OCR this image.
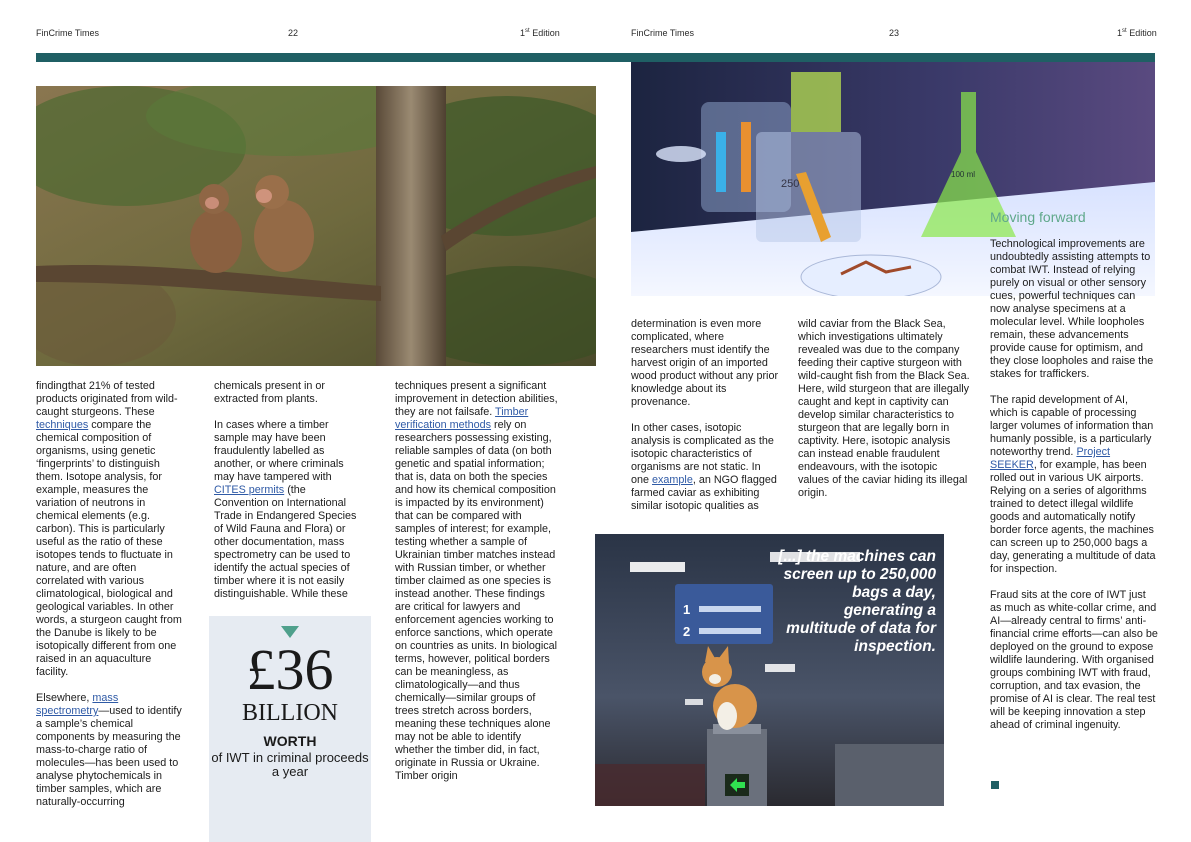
FinCrime Times	22	1st Edition	FinCrime Times	23	1st Edition

findingthat 21% of tested products originated from wild-caught sturgeons. These techniques compare the chemical composition of organisms, using genetic ‘fingerprints’ to distinguish them. Isotope analysis, for example, measures the variation of neutrons in chemical elements (e.g. carbon). This is particularly useful as the ratio of these isotopes tends to fluctuate in nature, and are often correlated with various climatological, biological and geological variables. In other words, a sturgeon caught from the Danube is likely to be isotopically different from one raised in an aquaculture facility.

Elsewhere, mass spectrometry—used to identify a sample’s chemical components by measuring the mass-to-charge ratio of molecules—has been used to analyse phytochemicals in timber samples, which are naturally-occurring

chemicals present in or extracted from plants.

In cases where a timber sample may have been fraudulently labelled as another, or where criminals may have tampered with CITES permits (the Convention on International Trade in Endangered Species of Wild Fauna and Flora) or other documentation, mass spectrometry can be used to identify the actual species of timber where it is not easily distinguishable. While these

£36
BILLION
WORTH
of IWT in criminal proceeds a year

techniques present a significant improvement in detection abilities, they are not failsafe. Timber verification methods rely on researchers possessing existing, reliable samples of data (on both genetic and spatial information; that is, data on both the species and how its chemical composition is impacted by its environment) that can be compared with samples of interest; for example, testing whether a sample of Ukrainian timber matches instead with Russian timber, or whether timber claimed as one species is instead another. These findings are critical for lawyers and enforcement agencies working to enforce sanctions, which operate on countries as units. In biological terms, however, political borders can be meaningless, as climatologically—and thus chemically—similar groups of trees stretch across borders, meaning these techniques alone may not be able to identify whether the timber did, in fact, originate in Russia or Ukraine. Timber origin

250
100 ml

determination is even more complicated, where researchers must identify the harvest origin of an imported wood product without any prior knowledge about its provenance.

In other cases, isotopic analysis is complicated as the isotopic characteristics of organisms are not static. In one example, an NGO flagged farmed caviar as exhibiting similar isotopic qualities as

wild caviar from the Black Sea, which investigations ultimately revealed was due to the company feeding their captive sturgeon with wild-caught fish from the Black Sea. Here, wild sturgeon that are illegally caught and kept in captivity can develop similar characteristics to sturgeon that are legally born in captivity. Here, isotopic analysis can instead enable fraudulent endeavours, with the isotopic values of the caviar hiding its illegal origin.

1
2
[...] the machines can screen up to 250,000 bags a day, generating a multitude of data for inspection.
Moving forward

Technological improvements are undoubtedly assisting attempts to combat IWT. Instead of relying purely on visual or other sensory cues, powerful techniques can now analyse specimens at a molecular level. While loopholes remain, these advancements provide cause for optimism, and they close loopholes and raise the stakes for traffickers.

The rapid development of AI, which is capable of processing larger volumes of information than humanly possible, is a particularly noteworthy trend. Project SEEKER, for example, has been rolled out in various UK airports. Relying on a series of algorithms trained to detect illegal wildlife goods and automatically notify border force agents, the machines can screen up to 250,000 bags a day, generating a multitude of data for inspection.

Fraud sits at the core of IWT just as much as white-collar crime, and AI—already central to firms’ anti-financial crime efforts—can also be deployed on the ground to expose wildlife laundering. With organised groups combining IWT with fraud, corruption, and tax evasion, the promise of AI is clear. The real test will be keeping innovation a step ahead of criminal ingenuity.
